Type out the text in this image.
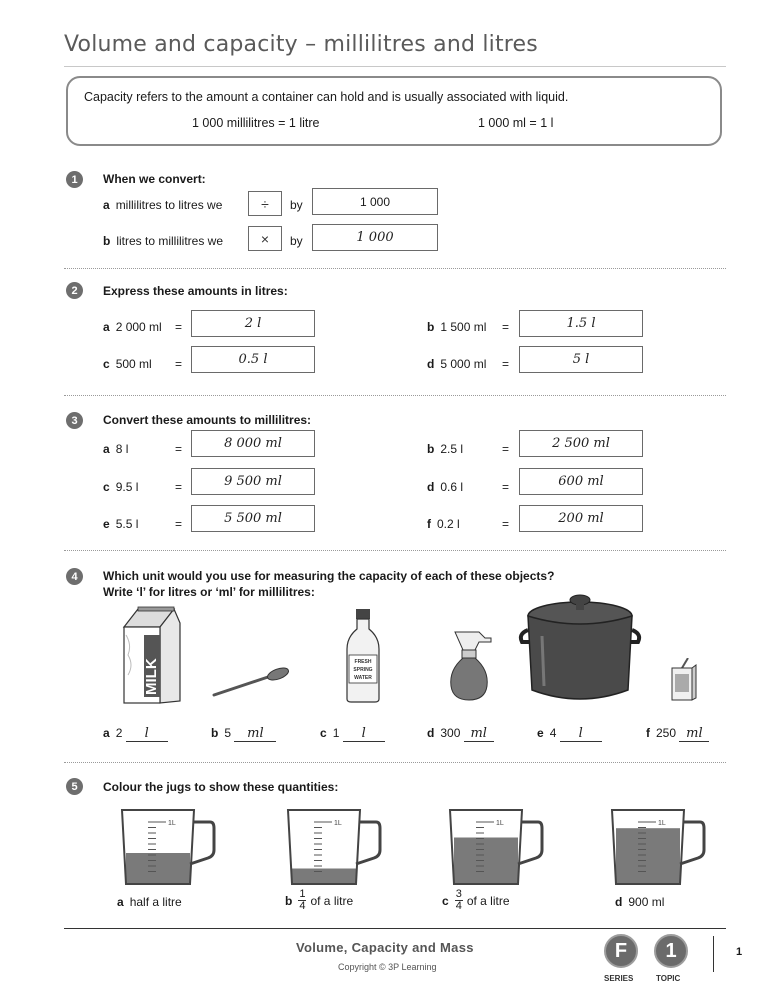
Volume and capacity – millilitres and litres
Capacity refers to the amount a container can hold and is usually associated with liquid.
1 000 millilitres = 1 litre	1 000 ml = 1 l
1	When we convert:
a millilitres to litres we	÷ by	1 000
b litres to millilitres we	× by	1 000
2	Express these amounts in litres:
a 2 000 ml =	2 l	b 1 500 ml =	1.5 l
c 500 ml =	0.5 l	d 5 000 ml =	5 l
3	Convert these amounts to millilitres:
a 8 l	=	8 000 ml	b 2.5 l	=	2 500 ml
c 9.5 l	=	9 500 ml	d 0.6 l	=	600 ml
e 5.5 l	=	5 500 ml	f 0.2 l	=	200 ml
4	Which unit would you use for measuring the capacity of each of these objects?
Write ‘l’ for litres or ‘ml’ for millilitres:
MILK	FRESH
SPRING
WATER
a 2 l	b 5 ml	c 1 l	d 300 ml	e 4 l	f 250 ml
5	Colour the jugs to show these quantities:
1L	1L	1L	1L
a half a litre	b $\frac{1}{4}$ of a litre	c $\frac{3}{4}$ of a litre	d 900 ml
Volume, Capacity and Mass
Copyright © 3P Learning
F
SERIES
1
TOPIC
1
